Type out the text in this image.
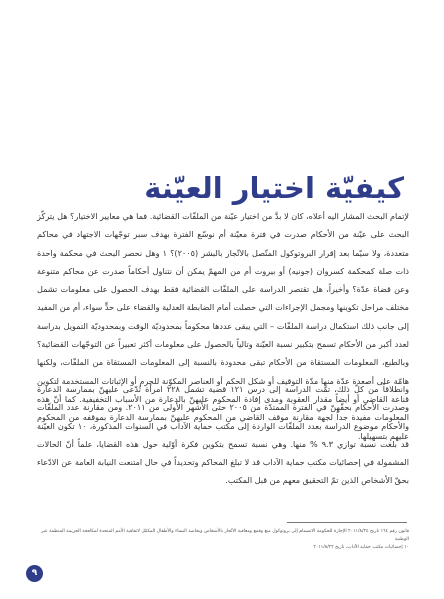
كيفيّة اختيار العيّنة

لإتمام البحث المشار اليه أعلاه، كان لا بدَّ من اختيار عيّنة من الملفّات القضائية. فما هي معايير الاختيار؟ هل يتركّز البحث على عيّنة من الأحكام صدرت في فترة معيّنة أم نوسّع الفترة بهدف سبر توجّهات الاجتهاد في محاكم متعددة، ولا سيّما بعد إقرار البروتوكول المتّصل بالاتّجار بالبشر (٢٠٠٥)؟ ١ وهل نحصر البحث في محكمة واحدة ذات صلة كمحكمة كسروان (جونيه) أو بيروت أم من المهمّ يمكن أن نتناول أحكاماً صدرت عن محاكم متنوعة وعن قضاة عدّة؟ وأخيراً، هل تقتصر الدراسة على الملفّات القضائية فقط بهدف الحصول على معلومات تشمل مختلف مراحل تكوينها ومجمل الإجراءات التي حصلت أمام الضابطة العدلية والقضاء على حدٍّ سواء، أم من المفيد إلى جانب ذلك استكمال دراسة الملفّات – التي يبقى عددها محكوماً بمحدوديّة الوقت وبمحدوديّة التمويل بدراسة لعدد أكبر من الأحكام تسمح بتكبير نسبة العيّنة وتالياً بالحصول على معلومات أكثر تعبيراً عن التوجّهات القضائية؟ وبالطبع، المعلومات المستقاة من الأحكام تبقى محدودة بالنسبة إلى المعلومات المستقاة من الملفّات، ولكنها هامّة على أصعدة عدّة منها مدّة التوقيف أو شكل الحكم أو العناصر المكوّنة للجرم أو الإثباتات المستخدمة لتكوين قناعة القاضي أو أيضاً مقدار العقوبة ومدى إفادة المحكوم عليهنّ بالدعارة من الأسباب التخفيفية. كما أنّ هذه المعلومات مفيدة جداً لجهة مقارنة موقف القاضي من المحكوم عليهنّ بممارسة الدعارة بموقفه من المحكوم عليهم بتسهيلها.

وانطلاقاً من كلّ ذلك، تمّت الدراسة إلى درس ١٢١ قضية تشمل ٢٢٨ امرأة تُدّعى عليهنّ بممارسة الدعارة وصدرت الأحكام بحقّهنّ في الفترة الممتدّة من ٢٠٠٥ حتى الأشهر الأولى من ٢٠١١. ومن مقارنة عدد الملفّات والأحكام موضوع الدراسة بعدد الملفّات الواردة إلى مكتب حماية الآداب في السنوات المذكورة، ١٠ تكون العيّنة قد بلغت نسبة توازي ٩.٣ % منها. وهي نسبة تسمح بتكوين فكرة أوّلية حول هذه القضايا، علماً أنّ الحالات المشمولة في إحصائيات مكتب حماية الآداب قد لا تبلغ المحاكم وتحديداً في حال امتنعت النيابة العامة عن الادّعاء بحقّ الأشخاص الذين تمّ التحقيق معهم من قبل المكتب.

قانون رقم ١٦٤ تاريخ ٢٠١١/٨/٢٤ الإجازة للحكومة الانضمام إلى بروتوكول منع وقمع ومعاقبة الاتّجار بالأشخاص وبخاصة النساء والأطفال المكمّل لاتفاقية الأمم المتحدة لمكافحة الجريمة المنظمة عبر الوطنية

١٠ إحصائيات مكتب حماية الآداب، تاريخ ٢٠١١/٨/٢٢

٩
